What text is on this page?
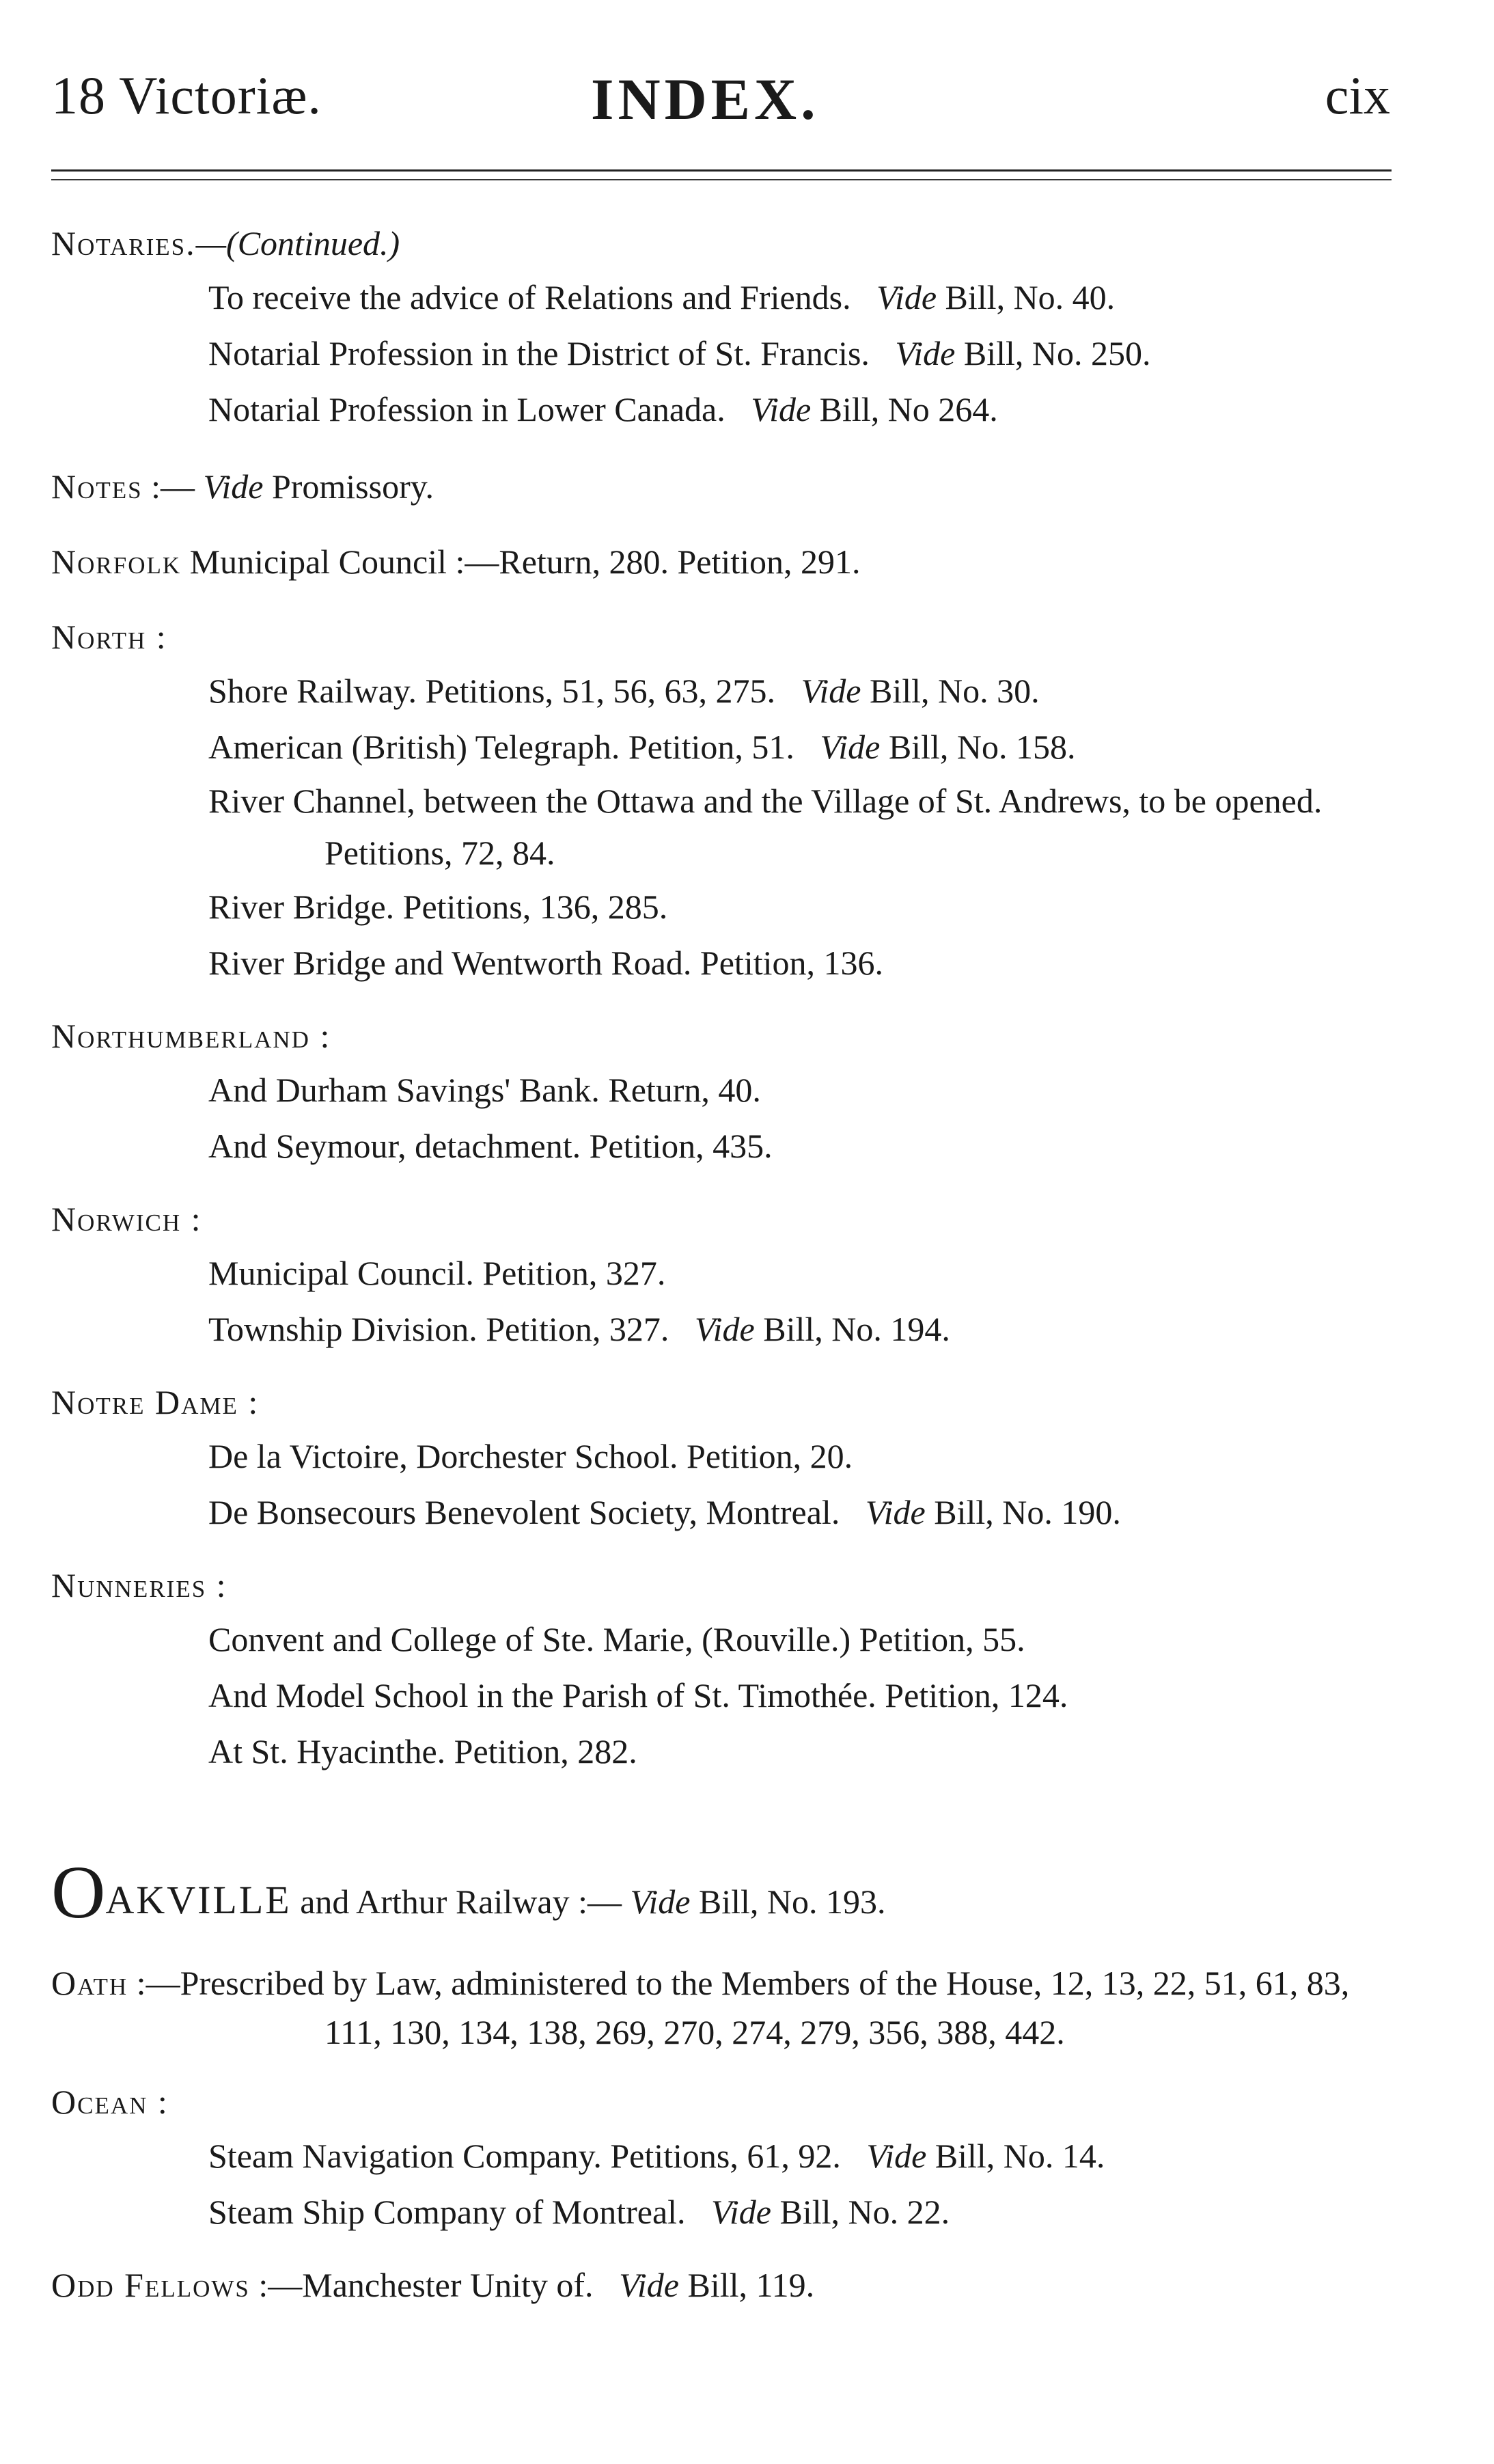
18 Victoriæ.	INDEX.	cix
Notaries.—(Continued.)
To receive the advice of Relations and Friends. Vide Bill, No. 40.
Notarial Profession in the District of St. Francis. Vide Bill, No. 250.
Notarial Profession in Lower Canada. Vide Bill, No 264.
Notes :— Vide Promissory.
Norfolk Municipal Council :—Return, 280. Petition, 291.
North :
Shore Railway. Petitions, 51, 56, 63, 275. Vide Bill, No. 30.
American (British) Telegraph. Petition, 51. Vide Bill, No. 158.
River Channel, between the Ottawa and the Village of St. Andrews, to be opened. Petitions, 72, 84.
River Bridge. Petitions, 136, 285.
River Bridge and Wentworth Road. Petition, 136.
Northumberland :
And Durham Savings' Bank. Return, 40.
And Seymour, detachment. Petition, 435.
Norwich :
Municipal Council. Petition, 327.
Township Division. Petition, 327. Vide Bill, No. 194.
Notre Dame :
De la Victoire, Dorchester School. Petition, 20.
De Bonsecours Benevolent Society, Montreal. Vide Bill, No. 190.
Nunneries :
Convent and College of Ste. Marie, (Rouville.) Petition, 55.
And Model School in the Parish of St. Timothée. Petition, 124.
At St. Hyacinthe. Petition, 282.
OAKVILLE and Arthur Railway :— Vide Bill, No. 193.
Oath :—Prescribed by Law, administered to the Members of the House, 12, 13, 22, 51, 61, 83, 111, 130, 134, 138, 269, 270, 274, 279, 356, 388, 442.
Ocean :
Steam Navigation Company. Petitions, 61, 92. Vide Bill, No. 14.
Steam Ship Company of Montreal. Vide Bill, No. 22.
Odd Fellows :—Manchester Unity of. Vide Bill, 119.
